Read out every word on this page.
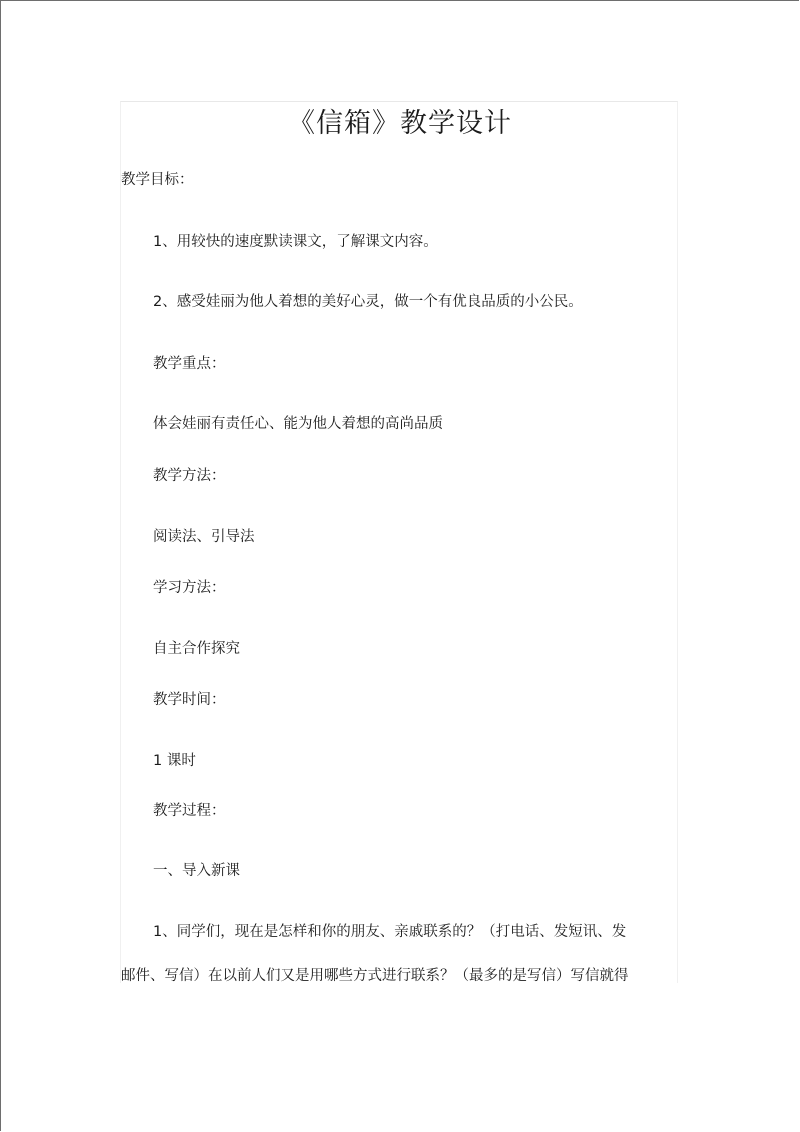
《信箱》教学设计
教学目标：
1、用较快的速度默读课文，了解课文内容。
2、感受娃丽为他人着想的美好心灵，做一个有优良品质的小公民。
教学重点：
体会娃丽有责任心、能为他人着想的高尚品质
教学方法：
阅读法、引导法
学习方法：
自主合作探究
教学时间：
1 课时
教学过程：
一、导入新课
1、同学们，现在是怎样和你的朋友、亲戚联系的？（打电话、发短讯、发
邮件、写信）在以前人们又是用哪些方式进行联系？（最多的是写信）写信就得
